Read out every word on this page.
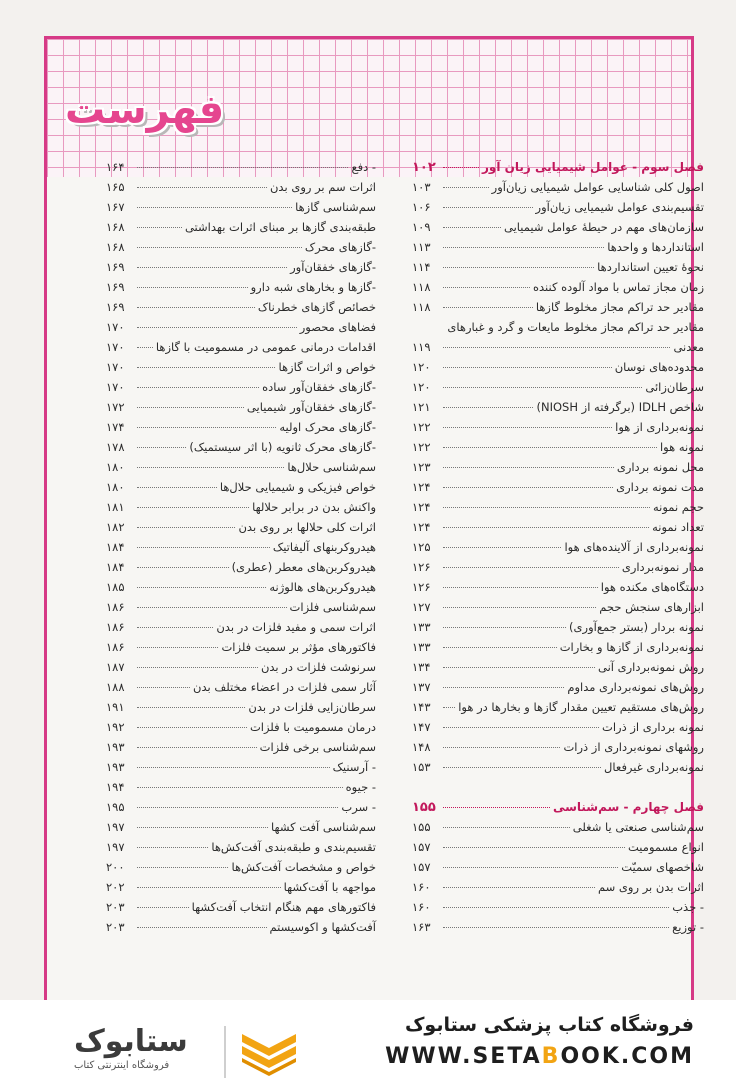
فهرست
فصل سوم - عوامل شیمیایی زیان آور
۱۰۲
اصول کلی شناسایی عوامل شیمیایی زیان‌آور
۱۰۳
تقسیم‌بندی عوامل شیمیایی زیان‌آور
۱۰۶
سازمان‌های مهم در حیطهٔ عوامل شیمیایی
۱۰۹
استانداردها و واحدها
۱۱۳
نحوهٔ تعیین استانداردها
۱۱۴
زمان مجاز تماس با مواد آلوده کننده
۱۱۸
مقادیر حد تراکم مجاز مخلوط گازها
۱۱۸
مقادیر حد تراکم مجاز مخلوط مایعات و گرد و غبارهای
معدنی
۱۱۹
محدوده‌های نوسان
۱۲۰
سرطان‌زائی
۱۲۰
شاخص IDLH (برگرفته از NIOSH)
۱۲۱
نمونه‌برداری از هوا
۱۲۲
نمونه هوا
۱۲۲
محل نمونه برداری
۱۲۳
مدت نمونه برداری
۱۲۴
حجم نمونه
۱۲۴
تعداد نمونه
۱۲۴
نمونه‌برداری از آلاینده‌های هوا
۱۲۵
مدار نمونه‌برداری
۱۲۶
دستگاه‌های مکنده هوا
۱۲۶
ابزارهای سنجش حجم
۱۲۷
نمونه بردار (بستر جمع‌آوری)
۱۳۳
نمونه‌برداری از گازها و بخارات
۱۳۳
روش نمونه‌برداری آنی
۱۳۴
روش‌های نمونه‌برداری مداوم
۱۳۷
روش‌های مستقیم تعیین مقدار گازها و بخارها در هوا
۱۴۳
نمونه برداری از ذرات
۱۴۷
روشهای نمونه‌برداری از ذرات
۱۴۸
نمونه‌برداری غیرفعال
۱۵۳
فصل چهارم - سم‌شناسی
۱۵۵
سم‌شناسی صنعتی یا شغلی
۱۵۵
انواع مسمومیت
۱۵۷
شاخصهای سمیّت
۱۵۷
اثرات بدن بر روی سم
۱۶۰
- جذب
۱۶۰
- توزیع
۱۶۳
- دفع
۱۶۴
اثرات سم بر روی بدن
۱۶۵
سم‌شناسی گازها
۱۶۷
طبقه‌بندی گازها بر مبنای اثرات بهداشتی
۱۶۸
-گازهای محرک
۱۶۸
-گازهای خفقان‌آور
۱۶۹
-گازها و بخارهای شبه دارو
۱۶۹
خصائص گازهای خطرناک
۱۶۹
فضاهای محصور
۱۷۰
اقدامات درمانی عمومی در مسمومیت با گازها
۱۷۰
خواص و اثرات گازها
۱۷۰
-گازهای خفقان‌آور ساده
۱۷۰
-گازهای خفقان‌آور شیمیایی
۱۷۲
-گازهای محرک اولیه
۱۷۴
-گازهای محرک ثانویه (با اثر سیستمیک)
۱۷۸
سم‌شناسی حلال‌ها
۱۸۰
خواص فیزیکی و شیمیایی حلال‌ها
۱۸۰
واکنش بدن در برابر حلالها
۱۸۱
اثرات کلی حلالها بر روی بدن
۱۸۲
هیدروکربنهای آلیفاتیک
۱۸۴
هیدروکربن‌های معطر (عطری)
۱۸۴
هیدروکربن‌های هالوژنه
۱۸۵
سم‌شناسی فلزات
۱۸۶
اثرات سمی و مفید فلزات در بدن
۱۸۶
فاکتورهای مؤثر بر سمیت فلزات
۱۸۶
سرنوشت فلزات در بدن
۱۸۷
آثار سمی فلزات در اعضاء مختلف بدن
۱۸۸
سرطان‌زایی فلزات در بدن
۱۹۱
درمان مسمومیت با فلزات
۱۹۲
سم‌شناسی برخی فلزات
۱۹۳
- آرسنیک
۱۹۳
- جیوه
۱۹۴
- سرب
۱۹۵
سم‌شناسی آفت کشها
۱۹۷
تقسیم‌بندی و طبقه‌بندی آفت‌کش‌ها
۱۹۷
خواص و مشخصات آفت‌کش‌ها
۲۰۰
مواجهه با آفت‌کشها
۲۰۲
فاکتورهای مهم هنگام انتخاب آفت‌کشها
۲۰۳
آفت‌کشها و اکوسیستم
۲۰۳
ستابوک
فروشگاه اینترنتی کتاب
فروشگاه کتاب پزشکی ستابوک
WWW.SETABOOK.COM
